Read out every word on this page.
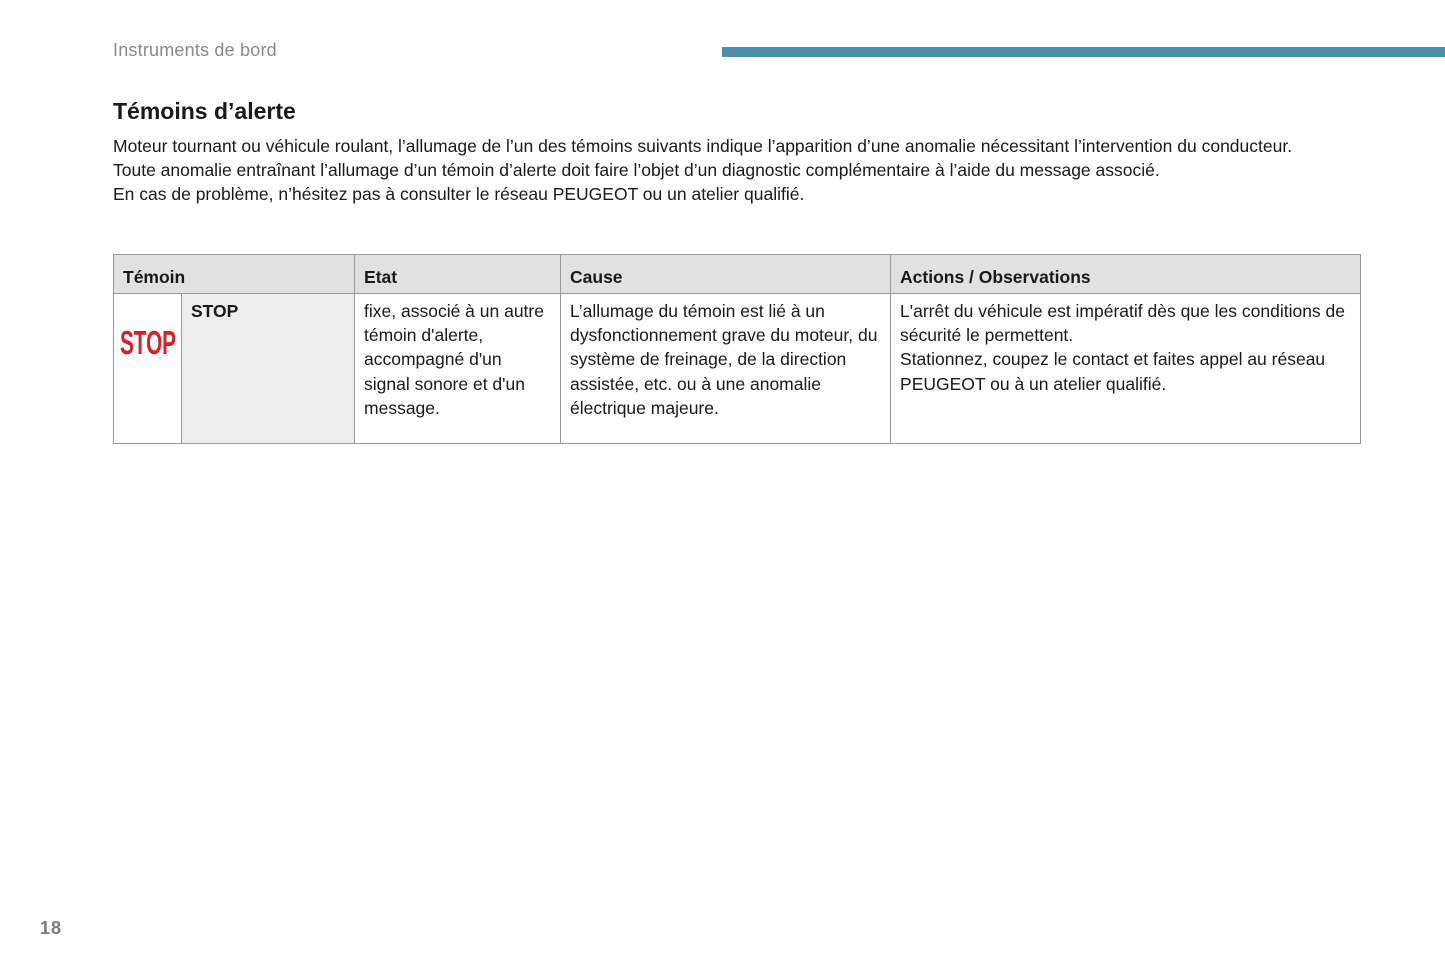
Instruments de bord
Témoins d’alerte

Moteur tournant ou véhicule roulant, l’allumage de l’un des témoins suivants indique l’apparition d’une anomalie nécessitant l’intervention du conducteur.

Toute anomalie entraînant l’allumage d’un témoin d’alerte doit faire l’objet d’un diagnostic complémentaire à l’aide du message associé.

En cas de problème, n’hésitez pas à consulter le réseau PEUGEOT ou un atelier qualifié.

Témoin		Etat	Cause	Actions / Observations

STOP	STOP	fixe, associé à un autre témoin d'alerte, accompagné d'un signal sonore et d'un message.	L’allumage du témoin est lié à un dysfonctionnement grave du moteur, du système de freinage, de la direction assistée, etc. ou à une anomalie électrique majeure.	L'arrêt du véhicule est impératif dès que les conditions de sécurité le permettent.
Stationnez, coupez le contact et faites appel au réseau PEUGEOT ou à un atelier qualifié.
18
